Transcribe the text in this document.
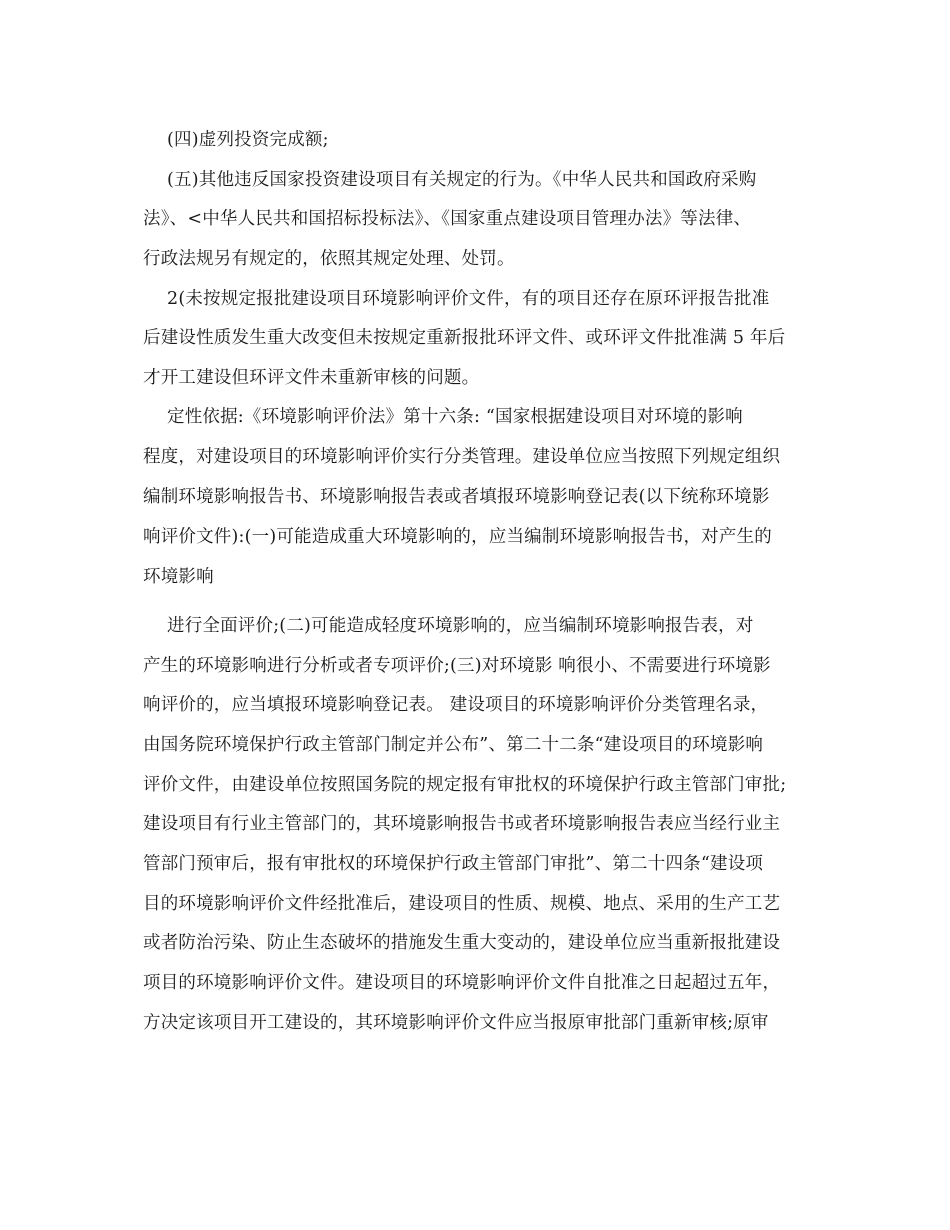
(四)虚列投资完成额;
(五)其他违反国家投资建设项目有关规定的行为。《中华人民共和国政府采购
法》、<中华人民共和国招标投标法》、《国家重点建设项目管理办法》等法律、
行政法规另有规定的，依照其规定处理、处罚。
2(未按规定报批建设项目环境影响评价文件，有的项目还存在原环评报告批准
后建设性质发生重大改变但未按规定重新报批环评文件、或环评文件批准满 5 年后
才开工建设但环评文件未重新审核的问题。
定性依据:《环境影响评价法》第十六条: “国家根据建设项目对环境的影响
程度，对建设项目的环境影响评价实行分类管理。建设单位应当按照下列规定组织
编制环境影响报告书、环境影响报告表或者填报环境影响登记表(以下统称环境影
响评价文件):(一)可能造成重大环境影响的，应当编制环境影响报告书，对产生的
环境影响
进行全面评价;(二)可能造成轻度环境影响的，应当编制环境影响报告表，对
产生的环境影响进行分析或者专项评价;(三)对环境影 响很小、不需要进行环境影
响评价的，应当填报环境影响登记表。 建设项目的环境影响评价分类管理名录，
由国务院环境保护行政主管部门制定并公布”、第二十二条“建设项目的环境影响
评价文件，由建设单位按照国务院的规定报有审批权的环境保护行政主管部门审批;
建设项目有行业主管部门的，其环境影响报告书或者环境影响报告表应当经行业主
管部门预审后，报有审批权的环境保护行政主管部门审批”、第二十四条“建设项
目的环境影响评价文件经批准后，建设项目的性质、规模、地点、采用的生产工艺
或者防治污染、防止生态破坏的措施发生重大变动的，建设单位应当重新报批建设
项目的环境影响评价文件。建设项目的环境影响评价文件自批准之日起超过五年，
方决定该项目开工建设的，其环境影响评价文件应当报原审批部门重新审核;原审
